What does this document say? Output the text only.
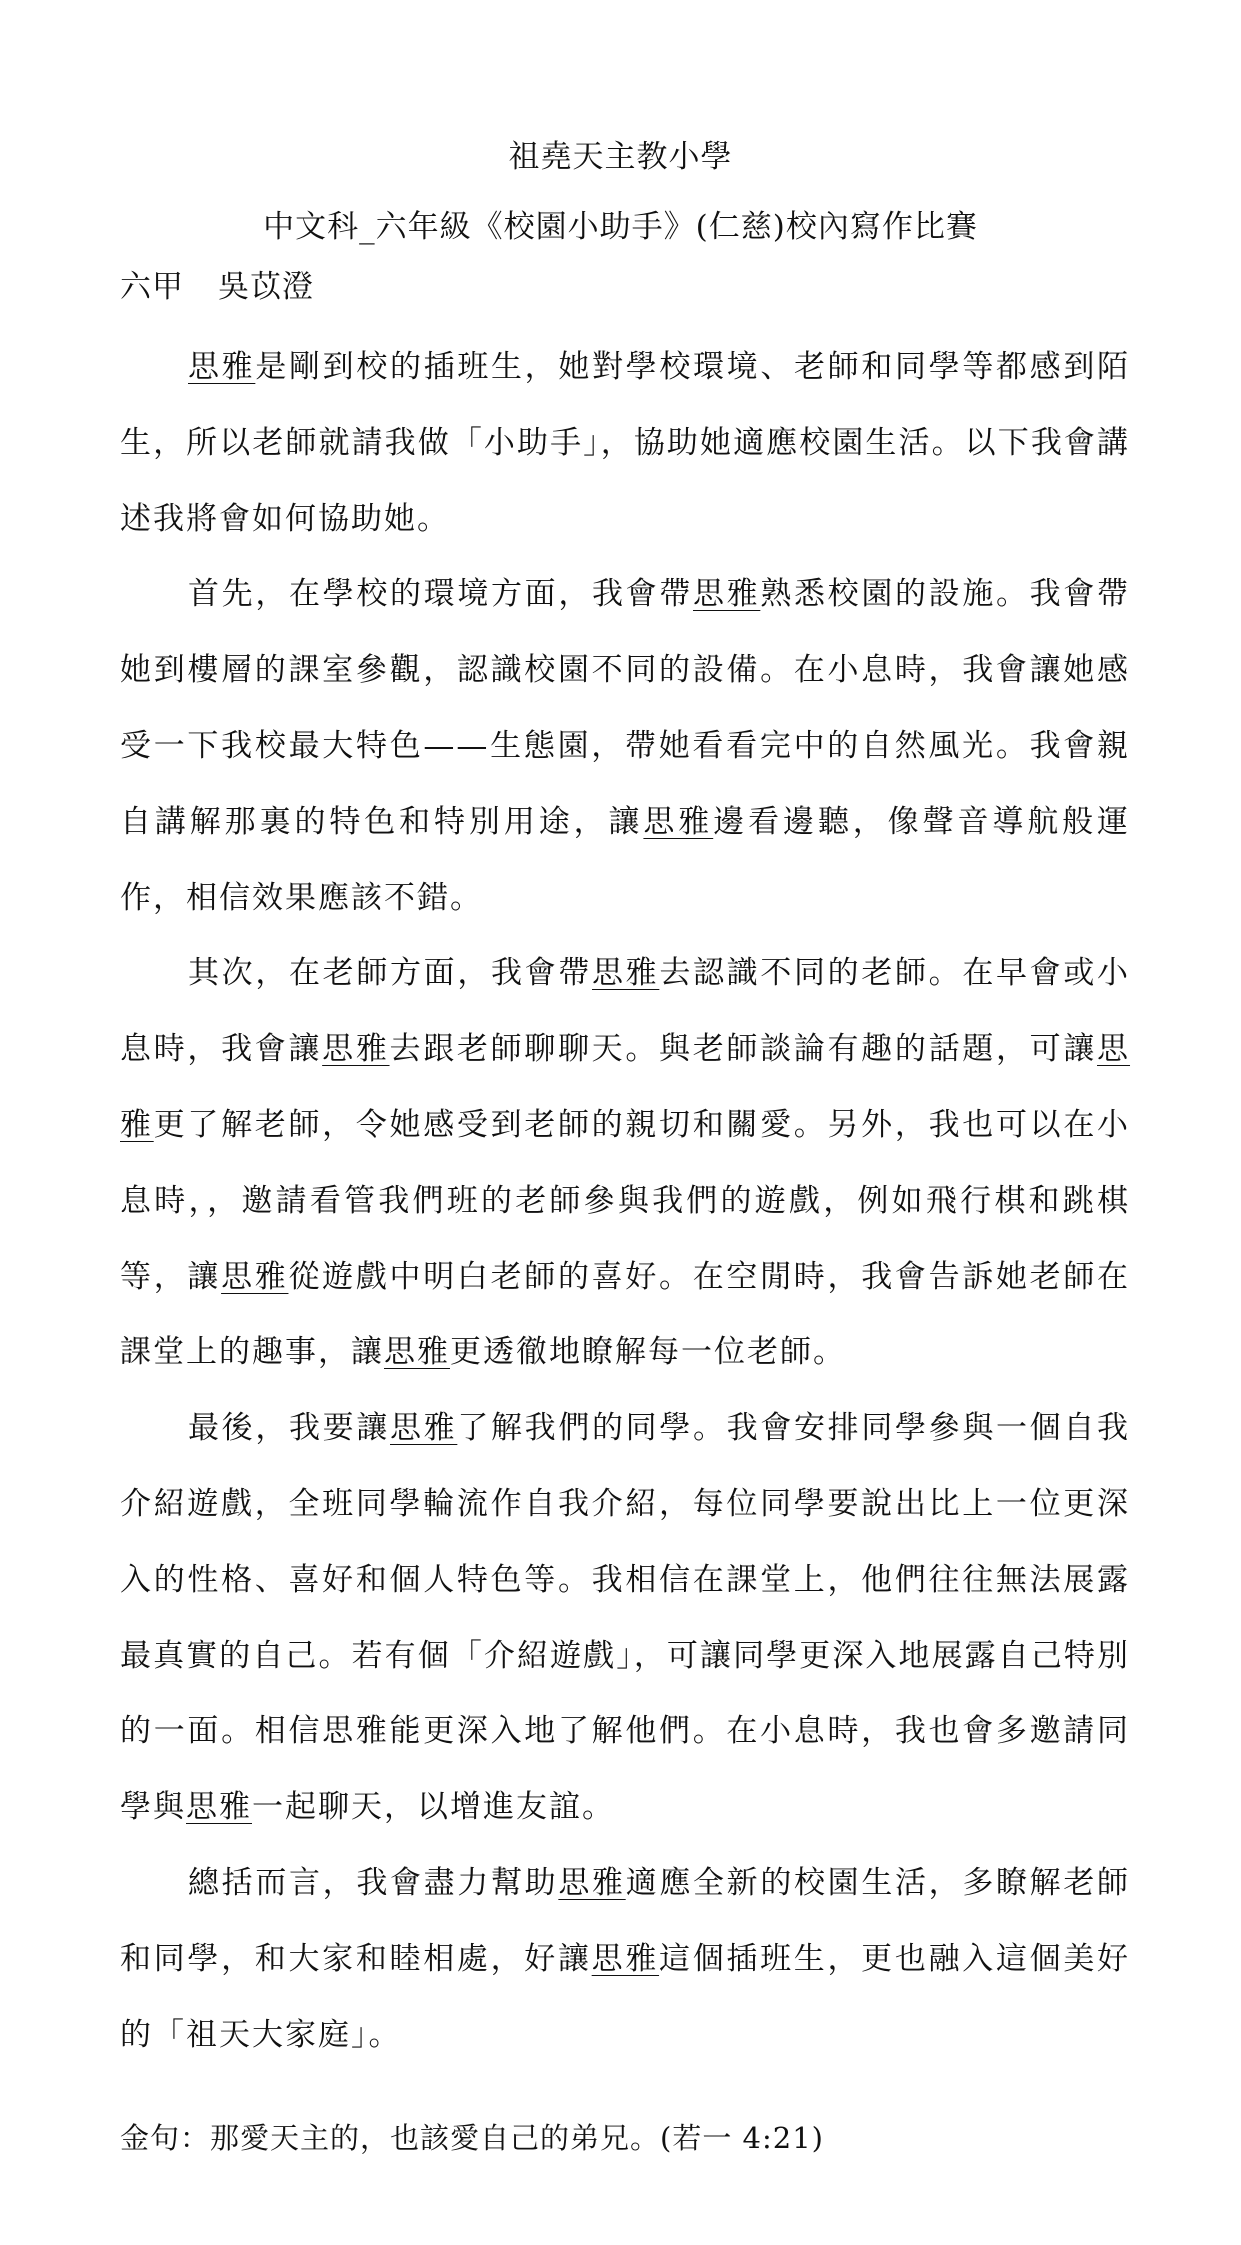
祖堯天主教小學
中文科_六年級《校園小助手》(仁慈)校內寫作比賽
六甲 吳苡澄

思雅是剛到校的插班生，她對學校環境、老師和同學等都感到陌生，所以老師就請我做「小助手」，協助她適應校園生活。以下我會講述我將會如何協助她。

首先，在學校的環境方面，我會帶思雅熟悉校園的設施。我會帶她到樓層的課室參觀，認識校園不同的設備。在小息時，我會讓她感受一下我校最大特色——生態園，帶她看看完中的自然風光。我會親自講解那裏的特色和特別用途，讓思雅邊看邊聽，像聲音導航般運作，相信效果應該不錯。

其次，在老師方面，我會帶思雅去認識不同的老師。在早會或小息時，我會讓思雅去跟老師聊聊天。與老師談論有趣的話題，可讓思雅更了解老師，令她感受到老師的親切和關愛。另外，我也可以在小息時，，邀請看管我們班的老師參與我們的遊戲，例如飛行棋和跳棋等，讓思雅從遊戲中明白老師的喜好。在空閒時，我會告訴她老師在課堂上的趣事，讓思雅更透徹地瞭解每一位老師。

最後，我要讓思雅了解我們的同學。我會安排同學參與一個自我介紹遊戲，全班同學輪流作自我介紹，每位同學要說出比上一位更深入的性格、喜好和個人特色等。我相信在課堂上，他們往往無法展露最真實的自己。若有個「介紹遊戲」，可讓同學更深入地展露自己特別的一面。相信思雅能更深入地了解他們。在小息時，我也會多邀請同學與思雅一起聊天，以增進友誼。

總括而言，我會盡力幫助思雅適應全新的校園生活，多瞭解老師和同學，和大家和睦相處，好讓思雅這個插班生，更也融入這個美好的「祖天大家庭」。

金句：那愛天主的，也該愛自己的弟兄。(若一 4:21)
